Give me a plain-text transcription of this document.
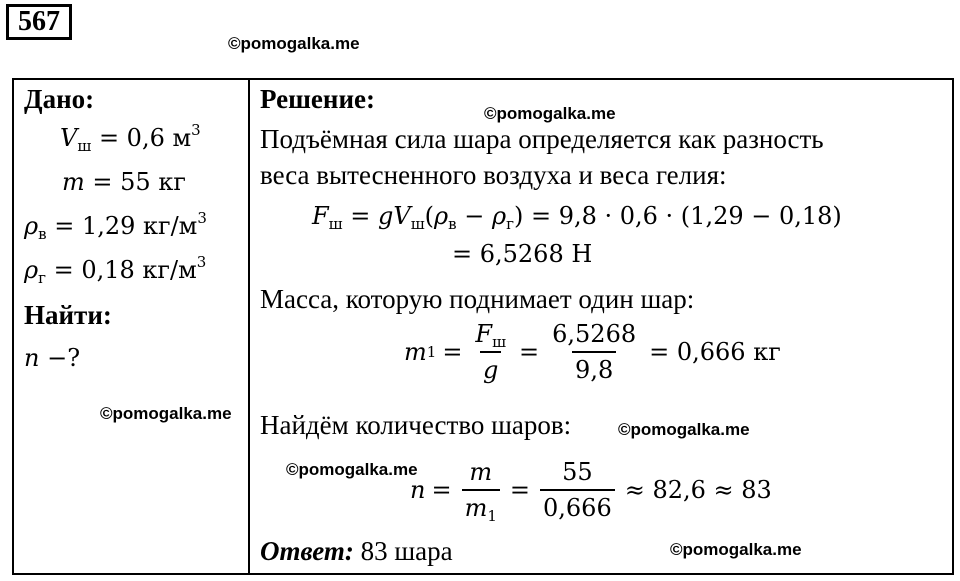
567
©pomogalka.me
Дано:
$V_ш = 0,6$ $м^3$
m = 55 кг
$\rho_в = 1,29$ $кг/м^3$
$\rho_г = 0,18$ $кг/м^3$
Найти:
n −?
©pomogalka.me
Решение:	©pomogalka.me
Подъёмная сила шара определяется как разность
веса вытесненного воздуха и веса гелия:
$F_ш = gV_ш(\rho_в - \rho_г) = 9,8 \cdot 0,6 \cdot (1,29 - 0,18)$
= 6,5268 Н
Масса, которую поднимает один шар:
m $1 = \frac{F_ш}{g} = \frac{6,5268}{9,8} = 0,666$ кг
Найдём количество шаров:	©pomogalka.me
©pomogalka.me
$n = \frac{m}{m_1} = \frac{55}{0,666} \approx 82,6 \approx 83$
Ответ: 83 шара	©pomogalka.me
